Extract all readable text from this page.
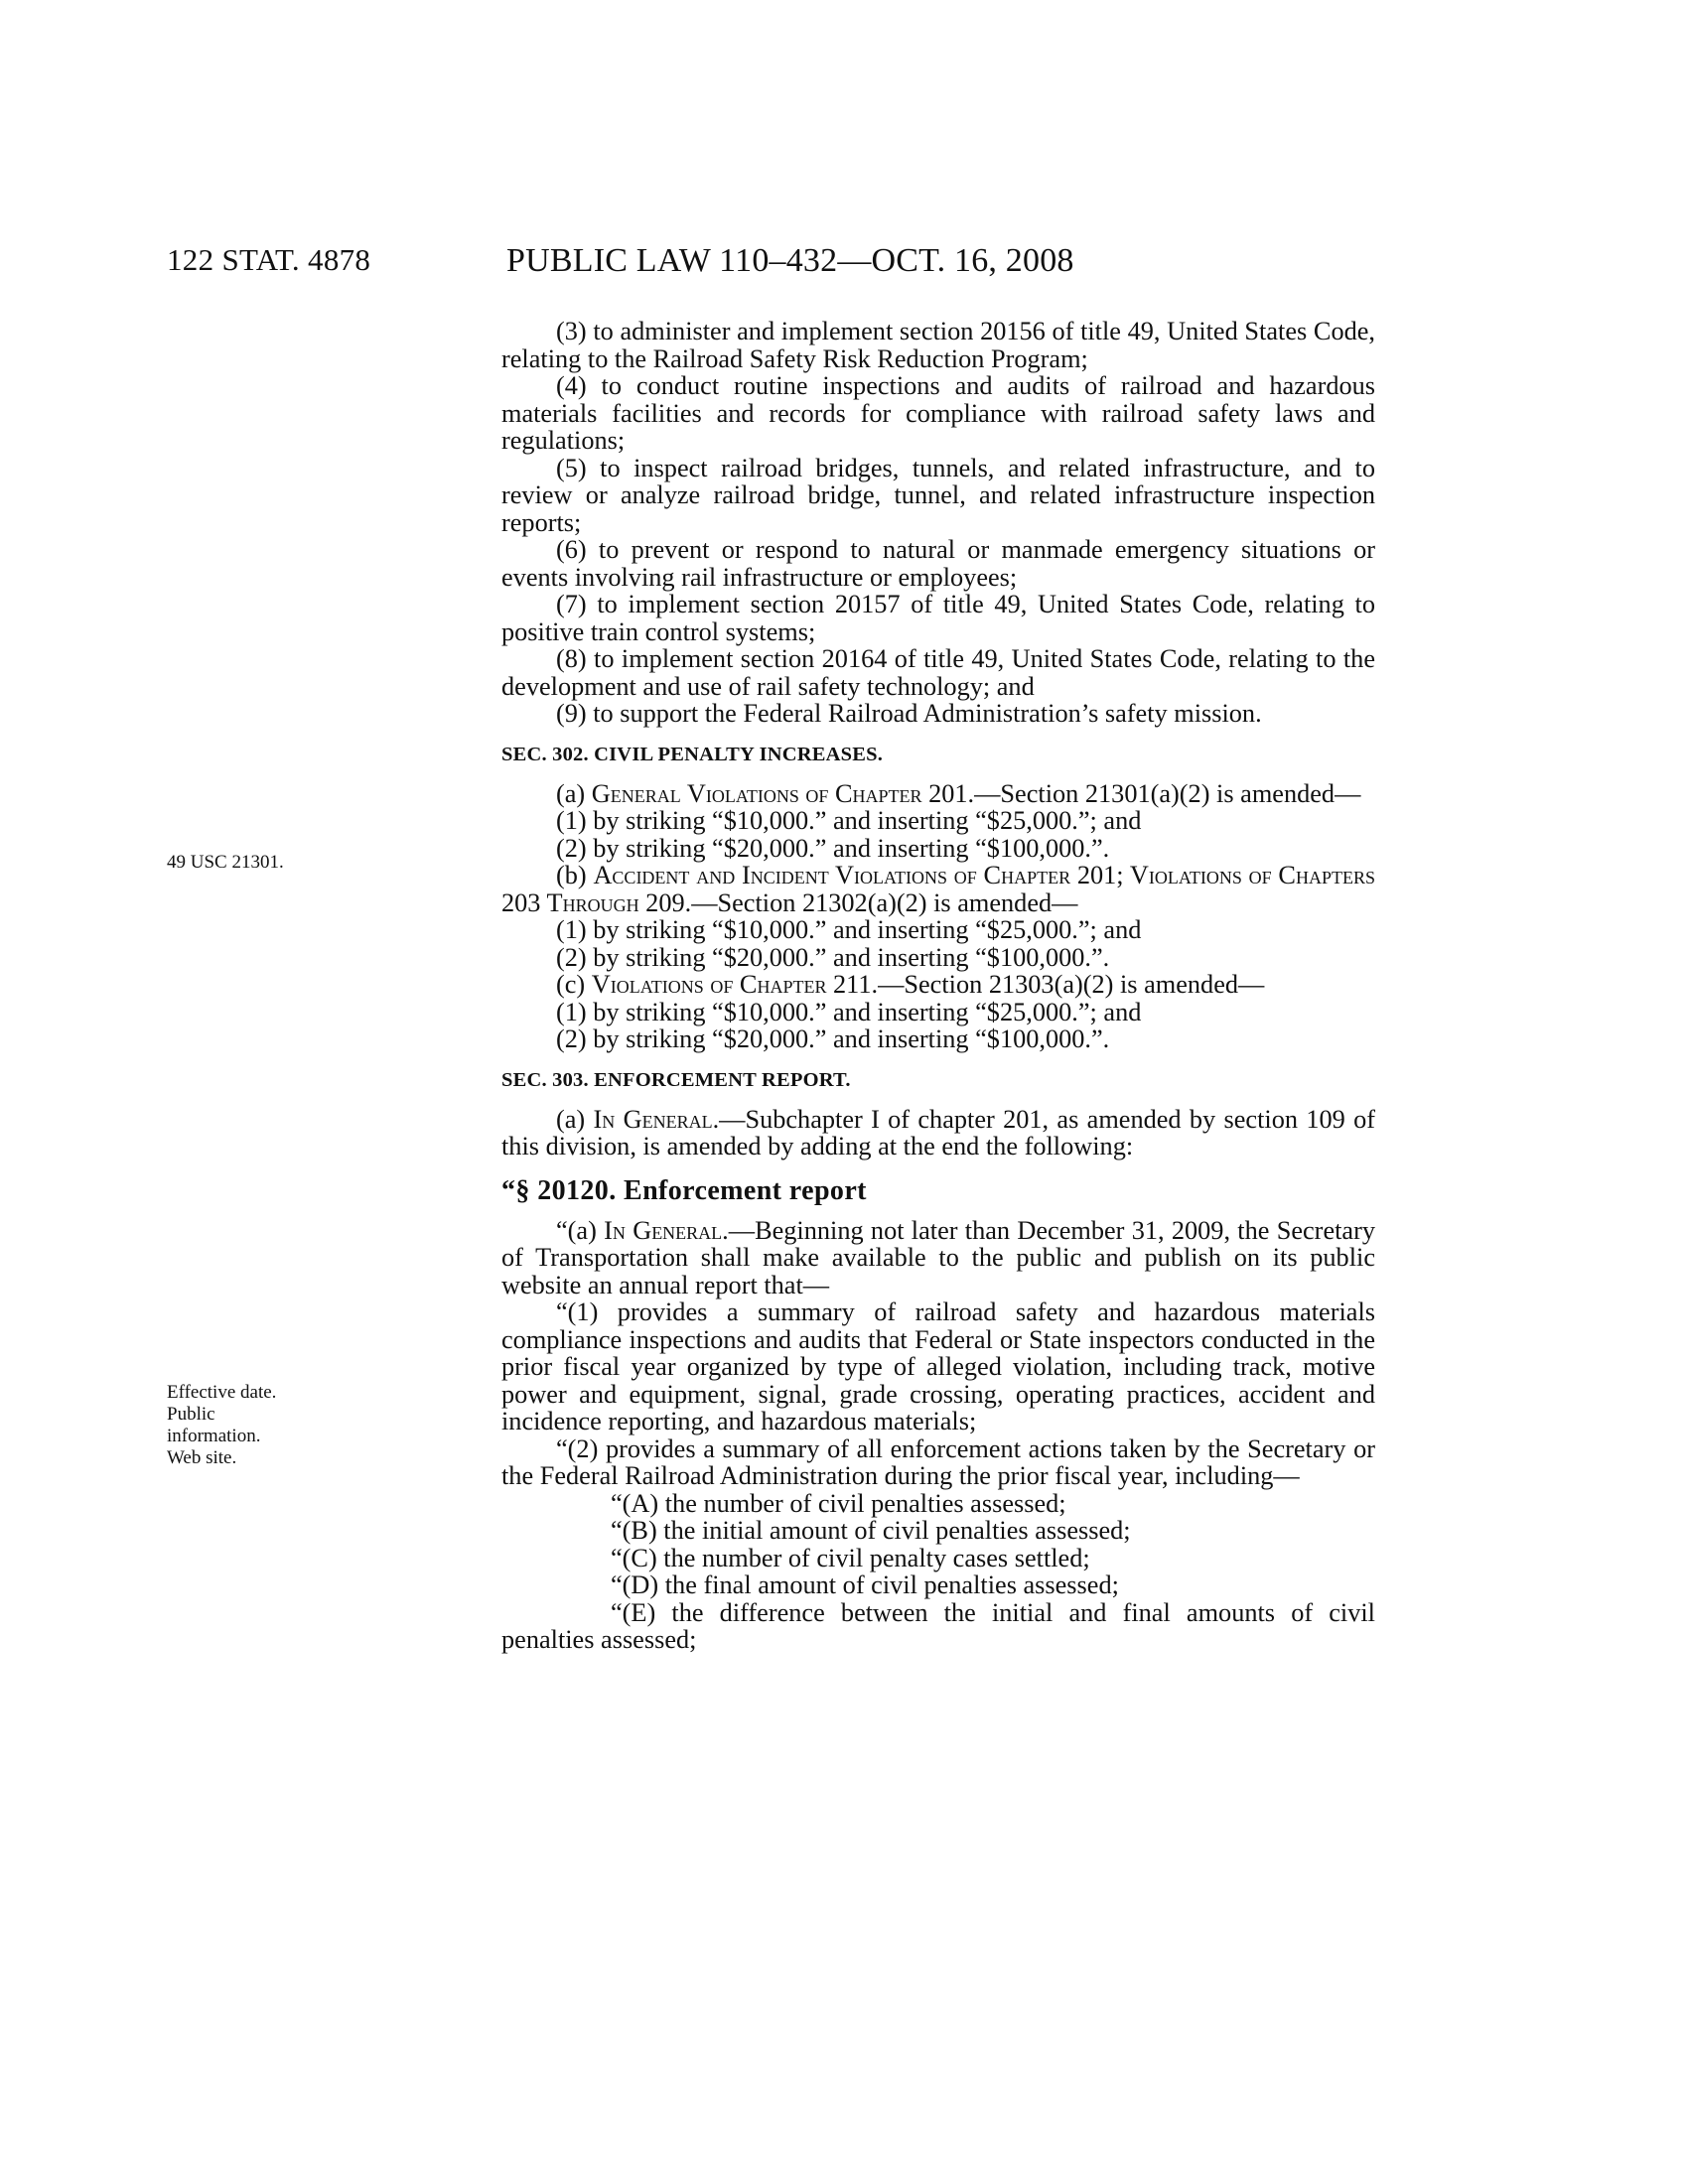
122 STAT. 4878	PUBLIC LAW 110–432—OCT. 16, 2008
49 USC 21301.
Effective date.
Public
information.
Web site.

(3) to administer and implement section 20156 of title 49, United States Code, relating to the Railroad Safety Risk Reduction Program;

(4) to conduct routine inspections and audits of railroad and hazardous materials facilities and records for compliance with railroad safety laws and regulations;

(5) to inspect railroad bridges, tunnels, and related infrastructure, and to review or analyze railroad bridge, tunnel, and related infrastructure inspection reports;

(6) to prevent or respond to natural or manmade emergency situations or events involving rail infrastructure or employees;

(7) to implement section 20157 of title 49, United States Code, relating to positive train control systems;

(8) to implement section 20164 of title 49, United States Code, relating to the development and use of rail safety technology; and

(9) to support the Federal Railroad Administration’s safety mission.

SEC. 302. CIVIL PENALTY INCREASES.

(a) General Violations of Chapter 201.—Section 21301(a)(2) is amended—

(1) by striking “$10,000.” and inserting “$25,000.”; and

(2) by striking “$20,000.” and inserting “$100,000.”.

(b) Accident and Incident Violations of Chapter 201; Violations of Chapters 203 Through 209.—Section 21302(a)(2) is amended—

(1) by striking “$10,000.” and inserting “$25,000.”; and

(2) by striking “$20,000.” and inserting “$100,000.”.

(c) Violations of Chapter 211.—Section 21303(a)(2) is amended—

(1) by striking “$10,000.” and inserting “$25,000.”; and

(2) by striking “$20,000.” and inserting “$100,000.”.

SEC. 303. ENFORCEMENT REPORT.

(a) In General.—Subchapter I of chapter 201, as amended by section 109 of this division, is amended by adding at the end the following:

“§ 20120. Enforcement report

“(a) In General.—Beginning not later than December 31, 2009, the Secretary of Transportation shall make available to the public and publish on its public website an annual report that—

“(1) provides a summary of railroad safety and hazardous materials compliance inspections and audits that Federal or State inspectors conducted in the prior fiscal year organized by type of alleged violation, including track, motive power and equipment, signal, grade crossing, operating practices, accident and incidence reporting, and hazardous materials;

“(2) provides a summary of all enforcement actions taken by the Secretary or the Federal Railroad Administration during the prior fiscal year, including—

“(A) the number of civil penalties assessed;

“(B) the initial amount of civil penalties assessed;

“(C) the number of civil penalty cases settled;

“(D) the final amount of civil penalties assessed;

“(E) the difference between the initial and final amounts of civil penalties assessed;
